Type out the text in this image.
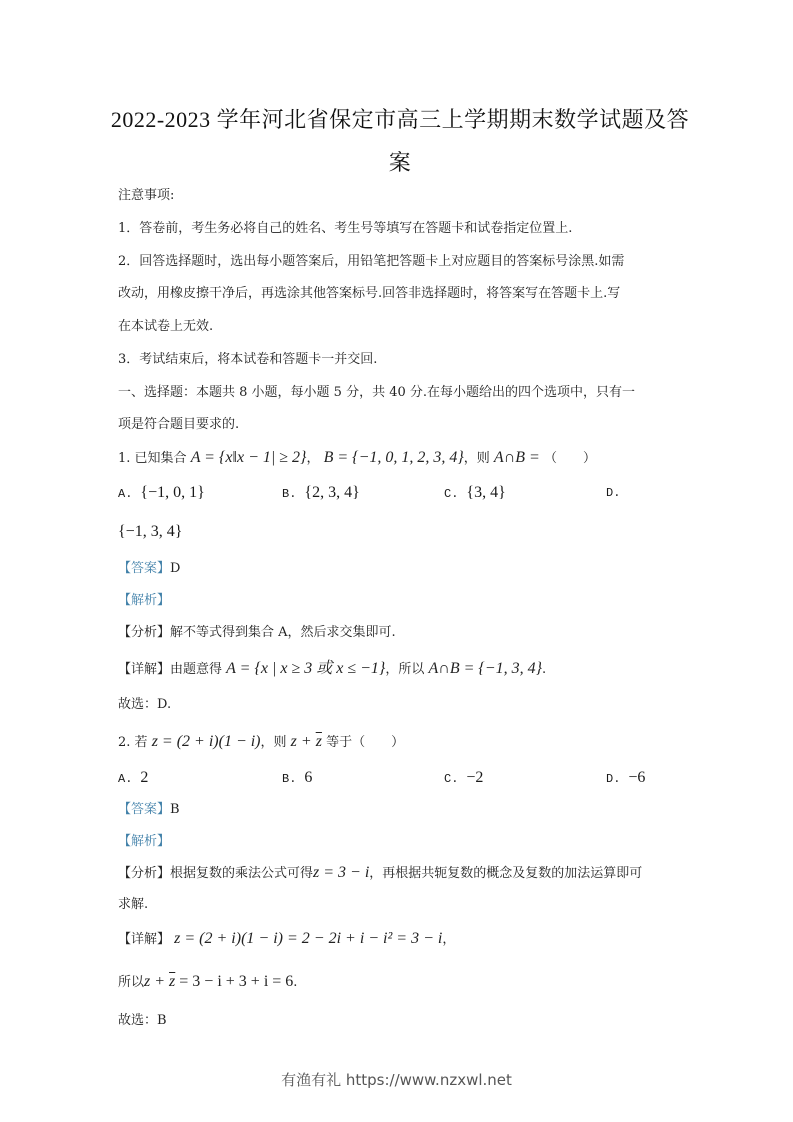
2022-2023 学年河北省保定市高三上学期期末数学试题及答
案
注意事项:
1．答卷前，考生务必将自己的姓名、考生号等填写在答题卡和试卷指定位置上.
2．回答选择题时，选出每小题答案后，用铅笔把答题卡上对应题目的答案标号涂黑.如需
改动，用橡皮擦干净后，再选涂其他答案标号.回答非选择题时，将答案写在答题卡上.写
在本试卷上无效.
3．考试结束后，将本试卷和答题卡一并交回.
一、选择题：本题共 8 小题，每小题 5 分，共 40 分.在每小题给出的四个选项中，只有一
项是符合题目要求的.
1. 已知集合 A = {x‖x − 1| ≥ 2}， B = {−1, 0, 1, 2, 3, 4}，则 A∩B = （　　）
A. {−1, 0, 1}	B. {2, 3, 4}	C. {3, 4}	D.
{−1, 3, 4}
【答案】D
【解析】
【分析】解不等式得到集合 A，然后求交集即可.
【详解】由题意得 A = {x | x ≥ 3 或 x ≤ −1}，所以 A∩B = {−1, 3, 4}.
故选：D.
2. 若 z = (2 + i)(1 − i)，则 $z + \overline{z}$ 等于（　　）
A. 2	B. 6	C. −2	D. −6
【答案】B
【解析】
【分析】根据复数的乘法公式可得z = 3 − i，再根据共轭复数的概念及复数的加法运算即可
求解.
【详解】 z = (2 + i)(1 − i) = 2 − 2i + i − i² = 3 − i，
所以$z + \overline{z} = 3 - i + 3 + i = 6$.
故选：B
有渔有礼 https://www.nzxwl.net
